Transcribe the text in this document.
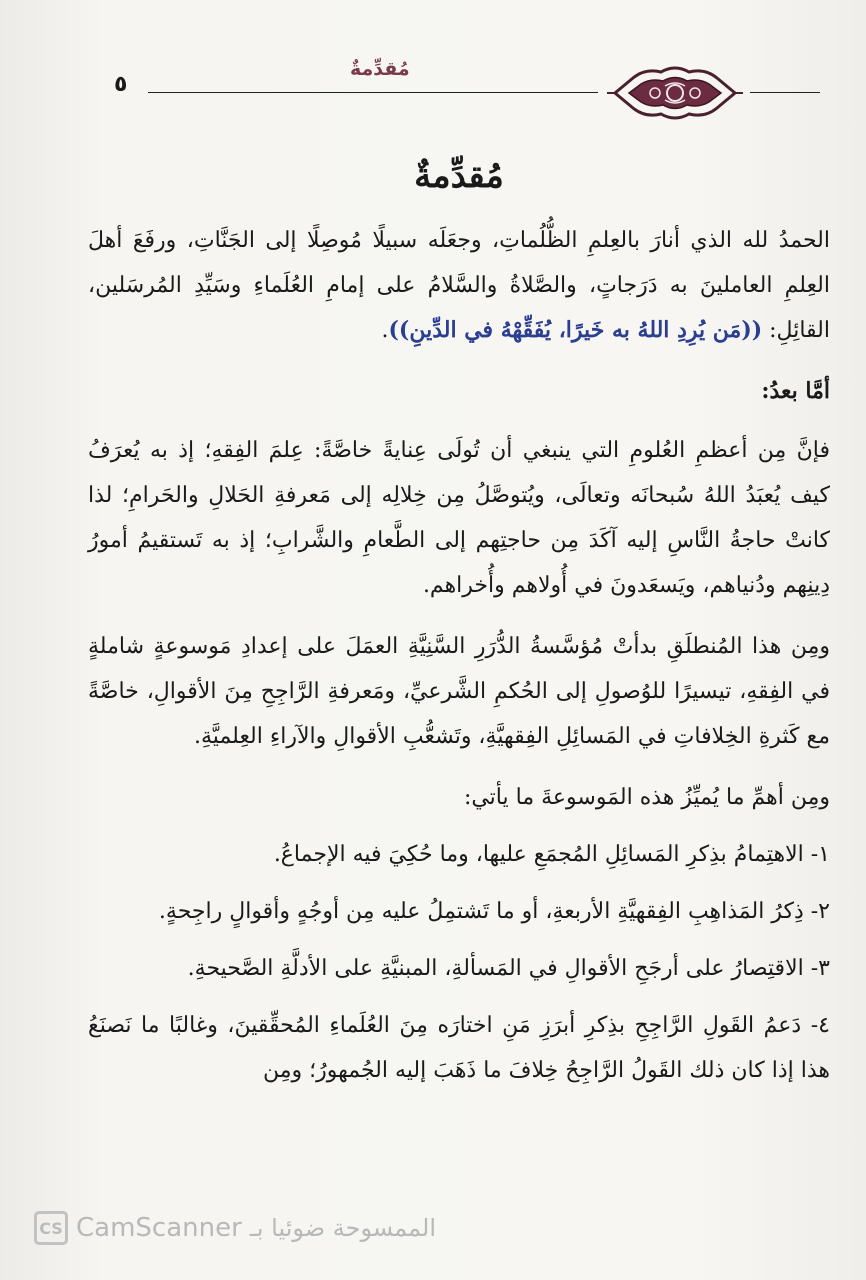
٥
مُقدِّمةٌ
مُقدِّمةٌ

الحمدُ لله الذي أنارَ بالعِلمِ الظُّلُماتِ، وجعَلَه سبيلًا مُوصِلًا إلى الجَنَّاتِ، ورفَعَ أهلَ العِلمِ العاملينَ به دَرَجاتٍ، والصَّلاةُ والسَّلامُ على إمامِ العُلَماءِ وسَيِّدِ المُرسَلين، القائِلِ: ((مَن يُرِدِ اللهُ به خَيرًا، يُفَقِّهْهُ في الدِّينِ)).

أمَّا بعدُ:

فإنَّ مِن أعظمِ العُلومِ التي ينبغي أن تُولَى عِنايةً خاصَّةً: عِلمَ الفِقهِ؛ إذ به يُعرَفُ كيف يُعبَدُ اللهُ سُبحانَه وتعالَى، ويُتوصَّلُ مِن خِلالِه إلى مَعرفةِ الحَلالِ والحَرامِ؛ لذا كانتْ حاجةُ النَّاسِ إليه آكَدَ مِن حاجتِهم إلى الطَّعامِ والشَّرابِ؛ إذ به تَستقيمُ أمورُ دِينِهم ودُنياهم، ويَسعَدونَ في أُولاهم وأُخراهم.

ومِن هذا المُنطلَقِ بدأتْ مُؤسَّسةُ الدُّرَرِ السَّنِيَّةِ العمَلَ على إعدادِ مَوسوعةٍ شاملةٍ في الفِقهِ، تيسيرًا للوُصولِ إلى الحُكمِ الشَّرعيِّ، ومَعرفةِ الرَّاجِحِ مِنَ الأقوالِ، خاصَّةً مع كَثرةِ الخِلافاتِ في المَسائِلِ الفِقهيَّةِ، وتَشعُّبِ الأقوالِ والآراءِ العِلميَّةِ.

ومِن أهمِّ ما يُميِّزُ هذه المَوسوعةَ ما يأتي:

١- الاهتِمامُ بذِكرِ المَسائِلِ المُجمَعِ عليها، وما حُكِيَ فيه الإجماعُ.

٢- ذِكرُ المَذاهِبِ الفِقهيَّةِ الأربعةِ، أو ما تَشتمِلُ عليه مِن أوجُهٍ وأقوالٍ راجِحةٍ.

٣- الاقتِصارُ على أرجَحِ الأقوالِ في المَسألةِ، المبنيَّةِ على الأدلَّةِ الصَّحيحةِ.

٤- دَعمُ القَولِ الرَّاجِحِ بذِكرِ أبرَزِ مَنِ اختارَه مِنَ العُلَماءِ المُحقِّقينَ، وغالبًا ما نَصنَعُ هذا إذا كان ذلك القَولُ الرَّاجِحُ خِلافَ ما ذَهَبَ إليه الجُمهورُ؛ ومِن

CS CamScanner الممسوحة ضوئيا بـ
